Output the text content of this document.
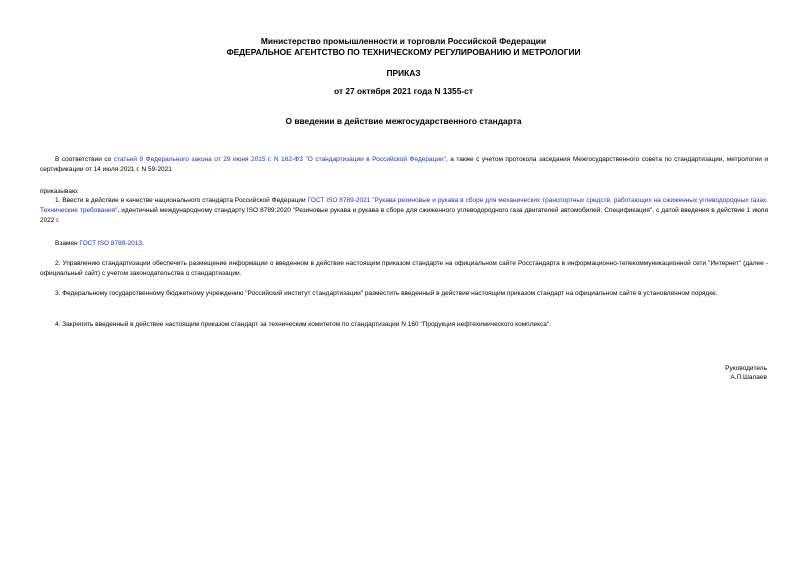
Министерство промышленности и торговли Российской Федерации
ФЕДЕРАЛЬНОЕ АГЕНТСТВО ПО ТЕХНИЧЕСКОМУ РЕГУЛИРОВАНИЮ И МЕТРОЛОГИИ
ПРИКАЗ
от 27 октября 2021 года N 1355-ст
О введении в действие межгосударственного стандарта
В соответствии со статьей 9 Федерального закона от 29 июня 2015 г. N 162-ФЗ "О стандартизации в Российской Федерации", а также с учетом протокола заседания Межгосударственного совета по стандартизации, метрологии и сертификации от 14 июля 2021 г. N 59-2021
приказываю:
1. Ввести в действие в качестве национального стандарта Российской Федерации ГОСТ ISO 8789-2021 "Рукава резиновые и рукава в сборе для механических транспортных средств, работающих на сжиженных углеводородных газах. Технические требования", идентичный международному стандарту ISO 8789:2020 "Резиновые рукава и рукава в сборе для сжиженного углеводородного газа двигателей автомобилей. Спецификация", с датой введения в действие 1 июля 2022 г.
Взамен ГОСТ ISO 8789-2013.
2. Управлению стандартизации обеспечить размещение информации о введенном в действие настоящим приказом стандарте на официальном сайте Росстандарта в информационно-телекоммуникационной сети "Интернет" (далее - официальный сайт) с учетом законодательства о стандартизации.
3. Федеральному государственному бюджетному учреждению "Российский институт стандартизации" разместить введенный в действие настоящим приказом стандарт на официальном сайте в установленном порядке.
4. Закрепить введенный в действие настоящим приказом стандарт за техническим комитетом по стандартизации N 160 "Продукция нефтехимического комплекса".
Руководитель
А.П.Шалаев
